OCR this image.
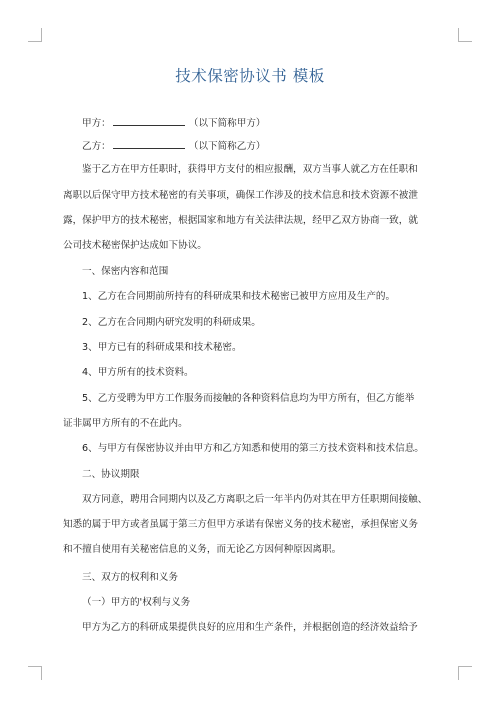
技术保密协议书 模板
甲方：	（以下简称甲方）
乙方：	（以下简称乙方）
鉴于乙方在甲方任职时，获得甲方支付的相应报酬，双方当事人就乙方在任职和
离职以后保守甲方技术秘密的有关事项，确保工作涉及的技术信息和技术资源不被泄
露，保护甲方的技术秘密，根据国家和地方有关法律法规，经甲乙双方协商一致，就
公司技术秘密保护达成如下协议。
一、保密内容和范围
1、乙方在合同期前所持有的科研成果和技术秘密已被甲方应用及生产的。
2、乙方在合同期内研究发明的科研成果。
3、甲方已有的科研成果和技术秘密。
4、甲方所有的技术资料。
5、乙方受聘为甲方工作服务而接触的各种资料信息均为甲方所有，但乙方能举
证非属甲方所有的不在此内。
6、与甲方有保密协议并由甲方和乙方知悉和使用的第三方技术资料和技术信息。
二、协议期限
双方同意，聘用合同期内以及乙方离职之后一年半内仍对其在甲方任职期间接触、
知悉的属于甲方或者虽属于第三方但甲方承诺有保密义务的技术秘密，承担保密义务
和不擅自使用有关秘密信息的义务，而无论乙方因何种原因离职。
三、双方的权利和义务
（一）甲方的'权利与义务
甲方为乙方的科研成果提供良好的应用和生产条件，并根据创造的经济效益给予
